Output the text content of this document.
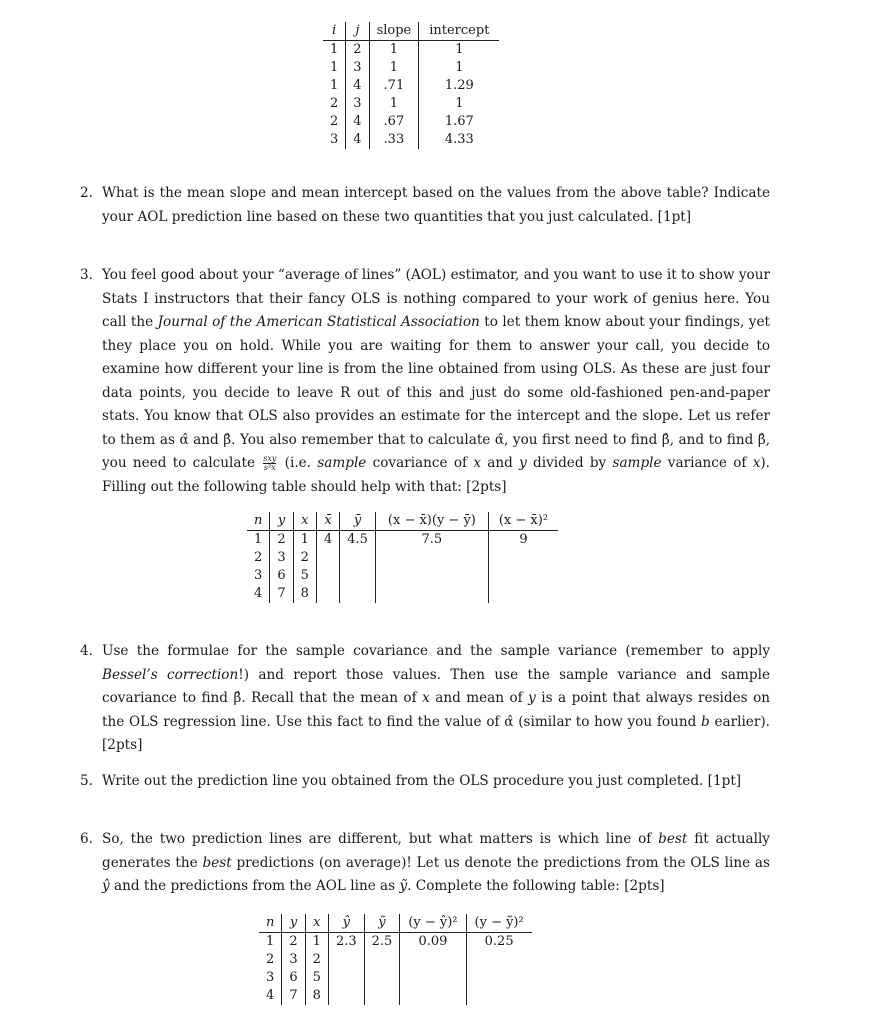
i	j	slope	intercept
1	2	1	1
1	3	1	1
1	4	.71	1.29
2	3	1	1
2	4	.67	1.67
3	4	.33	4.33
2. What is the mean slope and mean intercept based on the values from the above table? Indicate your AOL prediction line based on these two quantities that you just calculated. [1pt]

3. You feel good about your “average of lines” (AOL) estimator, and you want to use it to show your Stats I instructors that their fancy OLS is nothing compared to your work of genius here. You call the Journal of the American Statistical Association to let them know about your findings, yet they place you on hold. While you are waiting for them to answer your call, you decide to examine how different your line is from the line obtained from using OLS. As these are just four data points, you decide to leave R out of this and just do some old-fashioned pen-and-paper stats. You know that OLS also provides an estimate for the intercept and the slope. Let us refer to them as α̂ and β̂. You also remember that to calculate α̂, you first need to find β̂, and to find β̂, you need to calculate sxy
s²x (i.e. sample covariance of x and y divided by sample variance of x). Filling out the following table should help with that: [2pts]

n	y	x	x̄	ȳ	(x − x̄)(y − ȳ)	(x − x̄)²
1	2	1	4	4.5	7.5	9
2	3	2				
3	6	5				
4	7	8				
4. Use the formulae for the sample covariance and the sample variance (remember to apply Bessel’s correction!) and report those values. Then use the sample variance and sample covariance to find β̂. Recall that the mean of x and mean of y is a point that always resides on the OLS regression line. Use this fact to find the value of α̂ (similar to how you found b earlier). [2pts]

5. Write out the prediction line you obtained from the OLS procedure you just completed. [1pt]

6. So, the two prediction lines are different, but what matters is which line of best fit actually generates the best predictions (on average)! Let us denote the predictions from the OLS line as ŷ and the predictions from the AOL line as ỹ. Complete the following table: [2pts]

n	y	x	ŷ	ỹ	(y − ŷ)²	(y − ỹ)²
1	2	1	2.3	2.5	0.09	0.25
2	3	2				
3	6	5				
4	7	8				
